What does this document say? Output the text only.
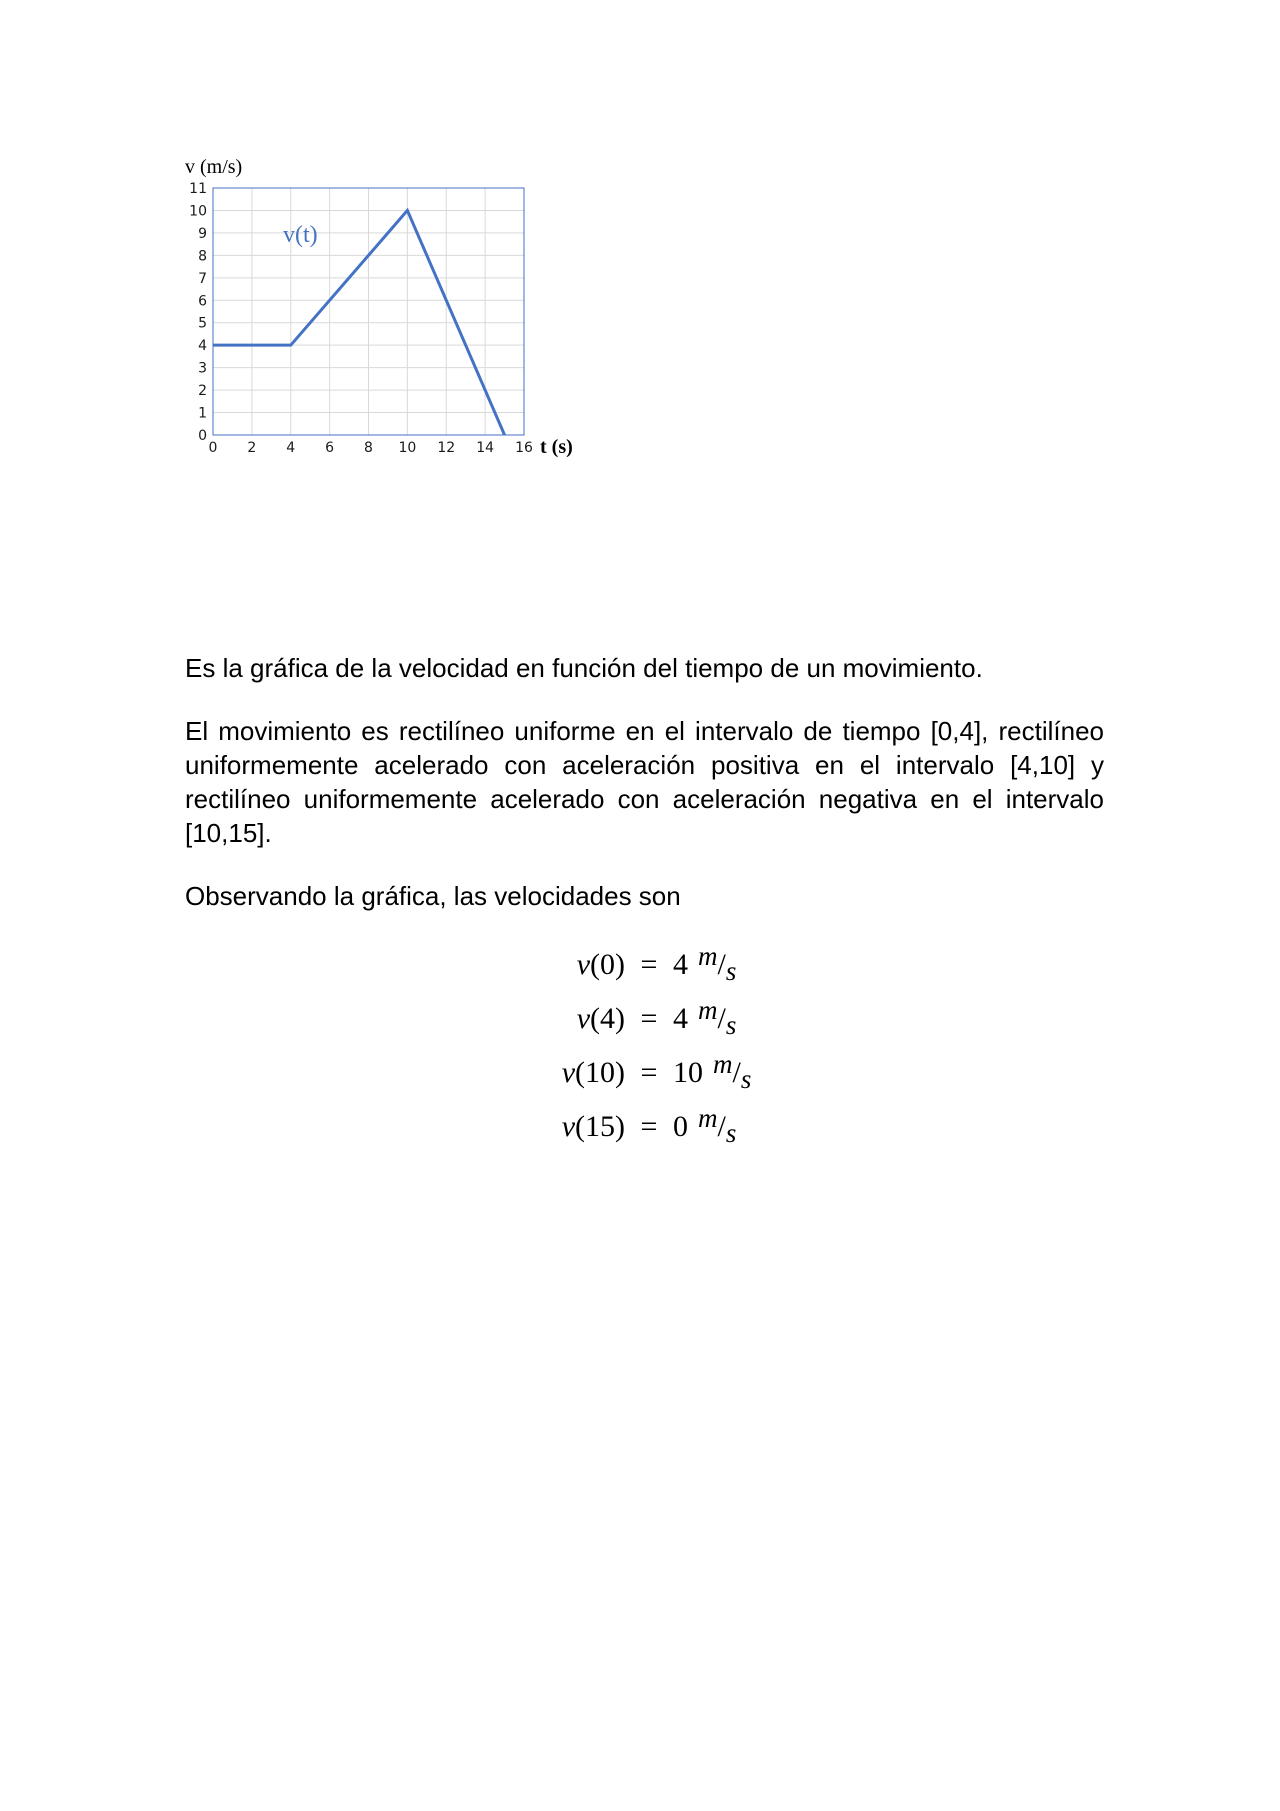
0
1
2
3
4
5
6
7
8
9
10
11
0 2 4 6 8 10 12 14 16
v (m/s)
t (s)
v(t)

Es la gráfica de la velocidad en función del tiempo de un movimiento.

El movimiento es rectilíneo uniforme en el intervalo de tiempo [0,4], rectilíneo uniformemente acelerado con aceleración positiva en el intervalo [4,10] y rectilíneo uniformemente acelerado con aceleración negativa en el intervalo [10,15].

Observando la gráfica, las velocidades son

v(0) = 4 m/s
v(4) = 4 m/s
v(10) = 10 m/s
v(15) = 0 m/s
